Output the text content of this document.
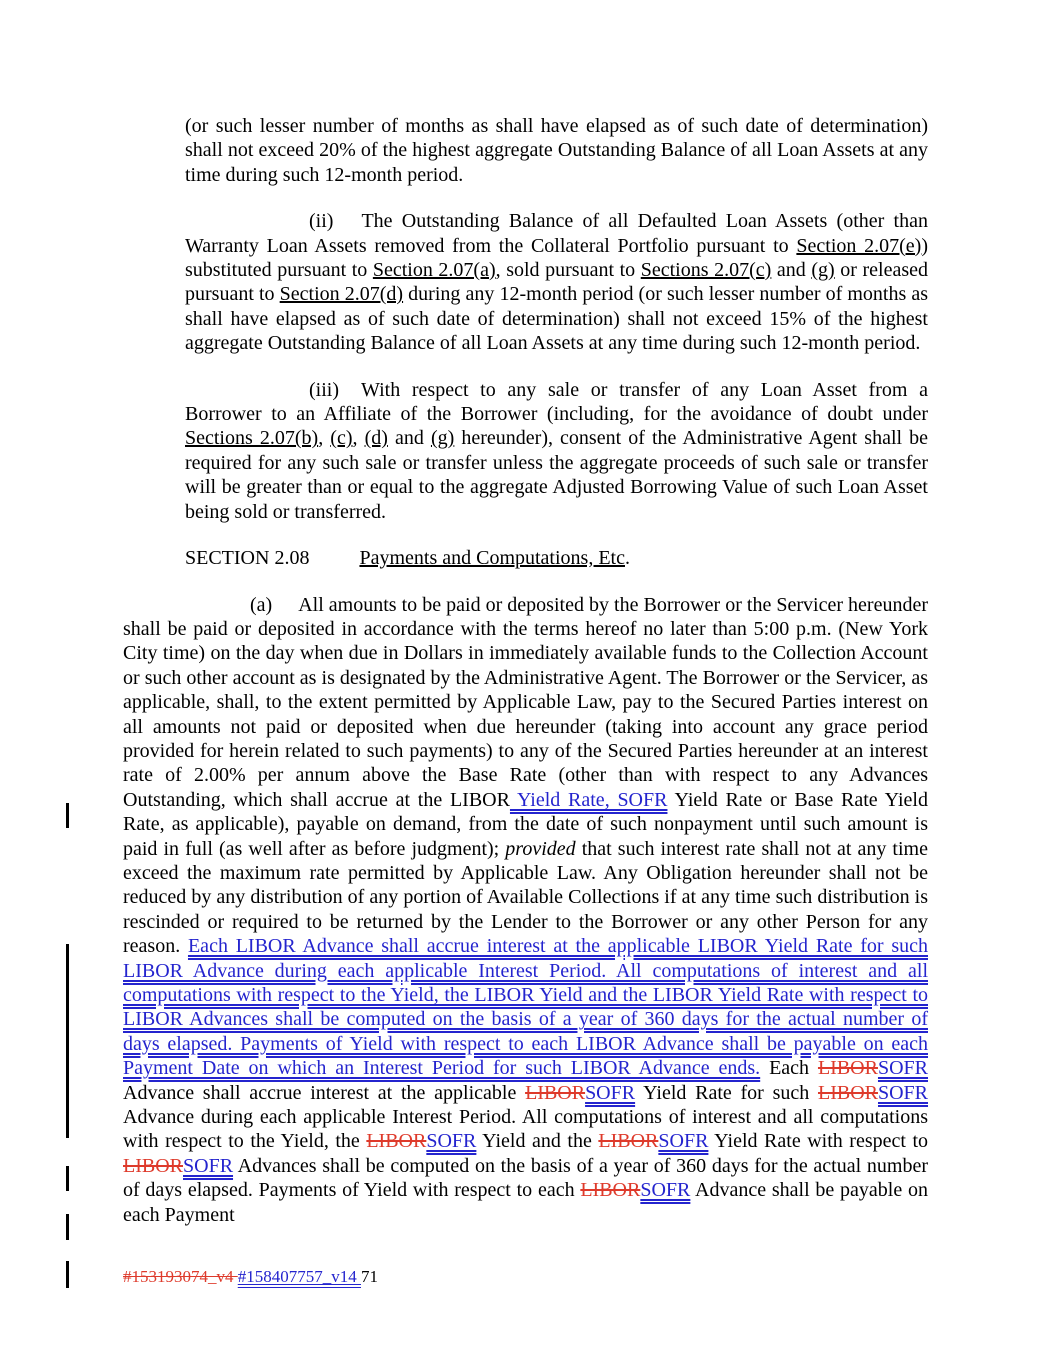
(or such lesser number of months as shall have elapsed as of such date of determination) shall not exceed 20% of the highest aggregate Outstanding Balance of all Loan Assets at any time during such 12-month period.

(ii) The Outstanding Balance of all Defaulted Loan Assets (other than Warranty Loan Assets removed from the Collateral Portfolio pursuant to Section 2.07(e)) substituted pursuant to Section 2.07(a), sold pursuant to Sections 2.07(c) and (g) or released pursuant to Section 2.07(d) during any 12-month period (or such lesser number of months as shall have elapsed as of such date of determination) shall not exceed 15% of the highest aggregate Outstanding Balance of all Loan Assets at any time during such 12-month period.

(iii) With respect to any sale or transfer of any Loan Asset from a Borrower to an Affiliate of the Borrower (including, for the avoidance of doubt under Sections 2.07(b), (c), (d) and (g) hereunder), consent of the Administrative Agent shall be required for any such sale or transfer unless the aggregate proceeds of such sale or transfer will be greater than or equal to the aggregate Adjusted Borrowing Value of such Loan Asset being sold or transferred.

SECTION 2.08	Payments and Computations, Etc.

(a) All amounts to be paid or deposited by the Borrower or the Servicer hereunder shall be paid or deposited in accordance with the terms hereof no later than 5:00 p.m. (New York City time) on the day when due in Dollars in immediately available funds to the Collection Account or such other account as is designated by the Administrative Agent. The Borrower or the Servicer, as applicable, shall, to the extent permitted by Applicable Law, pay to the Secured Parties interest on all amounts not paid or deposited when due hereunder (taking into account any grace period provided for herein related to such payments) to any of the Secured Parties hereunder at an interest rate of 2.00% per annum above the Base Rate (other than with respect to any Advances Outstanding, which shall accrue at the LIBOR Yield Rate, SOFR Yield Rate or Base Rate Yield Rate, as applicable), payable on demand, from the date of such nonpayment until such amount is paid in full (as well after as before judgment); provided that such interest rate shall not at any time exceed the maximum rate permitted by Applicable Law. Any Obligation hereunder shall not be reduced by any distribution of any portion of Available Collections if at any time such distribution is rescinded or required to be returned by the Lender to the Borrower or any other Person for any reason. Each LIBOR Advance shall accrue interest at the applicable LIBOR Yield Rate for such LIBOR Advance during each applicable Interest Period. All computations of interest and all computations with respect to the Yield, the LIBOR Yield and the LIBOR Yield Rate with respect to LIBOR Advances shall be computed on the basis of a year of 360 days for the actual number of days elapsed. Payments of Yield with respect to each LIBOR Advance shall be payable on each Payment Date on which an Interest Period for such LIBOR Advance ends. Each LIBORSOFR Advance shall accrue interest at the applicable LIBORSOFR Yield Rate for such LIBORSOFR Advance during each applicable Interest Period. All computations of interest and all computations with respect to the Yield, the LIBORSOFR Yield and the LIBORSOFR Yield Rate with respect to LIBORSOFR Advances shall be computed on the basis of a year of 360 days for the actual number of days elapsed. Payments of Yield with respect to each LIBORSOFR Advance shall be payable on each Payment

#153193074_v4 #158407757_v14 71
